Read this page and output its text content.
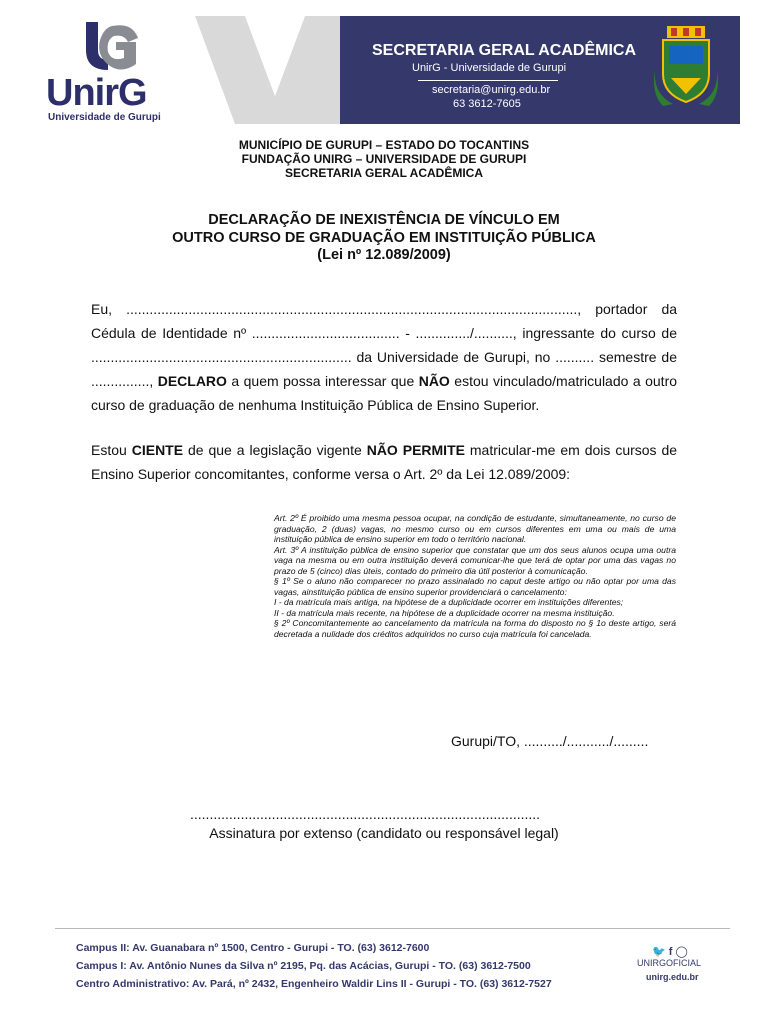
UnirG
Universidade de Gurupi
SECRETARIA GERAL ACADÊMICA
UnirG - Universidade de Gurupi
secretaria@unirg.edu.br
63 3612-7605
MUNICÍPIO DE GURUPI – ESTADO DO TOCANTINS
FUNDAÇÃO UNIRG – UNIVERSIDADE DE GURUPI
SECRETARIA GERAL ACADÊMICA
DECLARAÇÃO DE INEXISTÊNCIA DE VÍNCULO EM
OUTRO CURSO DE GRADUAÇÃO EM INSTITUIÇÃO PÚBLICA
(Lei nº 12.089/2009)
Eu, ...................................................................................................................., portador da
Cédula de Identidade nº ...................................... - ............../.........., ingressante do curso de
................................................................... da Universidade de Gurupi, no .......... semestre de
..............., DECLARO a quem possa interessar que NÃO estou vinculado/matriculado a outro
curso de graduação de nenhuma Instituição Pública de Ensino Superior.
Estou CIENTE de que a legislação vigente NÃO PERMITE matricular-me em dois cursos de
Ensino Superior concomitantes, conforme versa o Art. 2º da Lei 12.089/2009:

Art. 2º É proibido uma mesma pessoa ocupar, na condição de estudante, simultaneamente, no curso de graduação, 2 (duas) vagas, no mesmo curso ou em cursos diferentes em uma ou mais de uma instituição pública de ensino superior em todo o território nacional.

Art. 3º A instituição pública de ensino superior que constatar que um dos seus alunos ocupa uma outra vaga na mesma ou em outra instituição deverá comunicar-lhe que terá de optar por uma das vagas no prazo de 5 (cinco) dias úteis, contado do primeiro dia útil posterior à comunicação.

§ 1º Se o aluno não comparecer no prazo assinalado no caput deste artigo ou não optar por uma das vagas, ainstituição pública de ensino superior providenciará o cancelamento:

I - da matrícula mais antiga, na hipótese de a duplicidade ocorrer em instituições diferentes;

II - da matrícula mais recente, na hipótese de a duplicidade ocorrer na mesma instituição.

§ 2º Concomitantemente ao cancelamento da matrícula na forma do disposto no § 1o deste artigo, será decretada a nulidade dos créditos adquiridos no curso cuja matrícula foi cancelada.

Gurupi/TO, ........../.........../.........
..........................................................................................
Assinatura por extenso (candidato ou responsável legal)
Campus II: Av. Guanabara nº 1500, Centro - Gurupi - TO. (63) 3612-7600
Campus I: Av. Antônio Nunes da Silva nº 2195, Pq. das Acácias, Gurupi - TO. (63) 3612-7500
Centro Administrativo: Av. Pará, nº 2432, Engenheiro Waldir Lins II - Gurupi - TO. (63) 3612-7527
🐦 f ◯
UNIRGOFICIAL
unirg.edu.br
